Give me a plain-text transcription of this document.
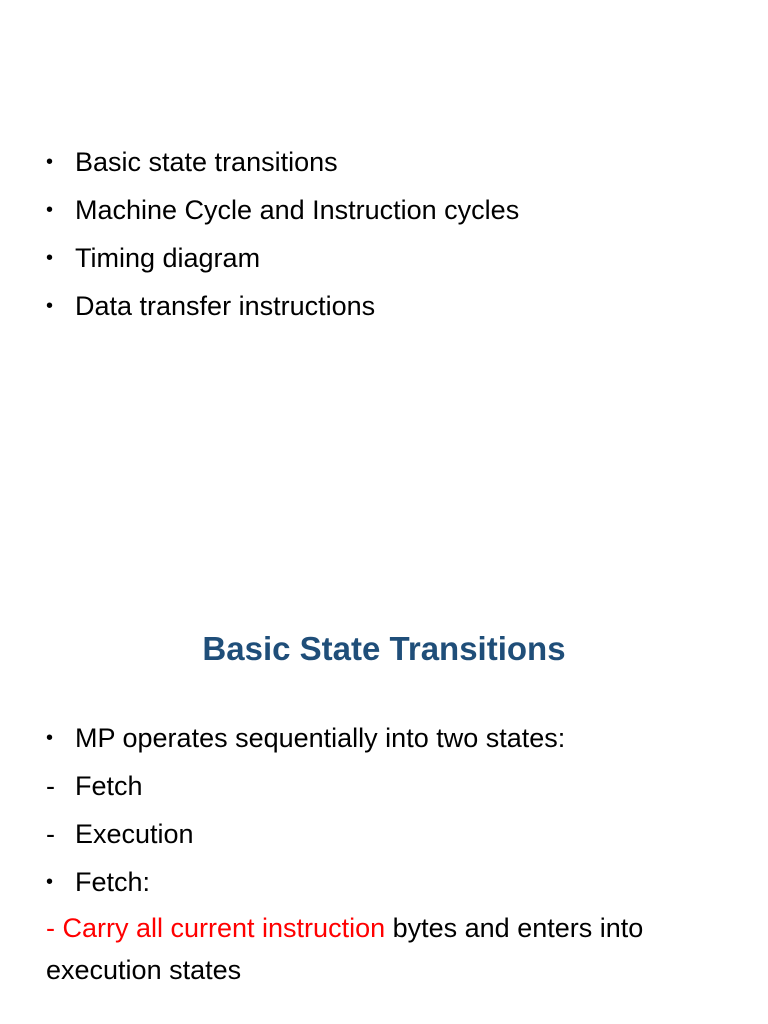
• Basic state transitions
• Machine Cycle and Instruction cycles
• Timing diagram
• Data transfer instructions
Basic State Transitions
• MP operates sequentially into two states:
- Fetch
- Execution
• Fetch:

- Carry all current instruction bytes and enters into execution states
